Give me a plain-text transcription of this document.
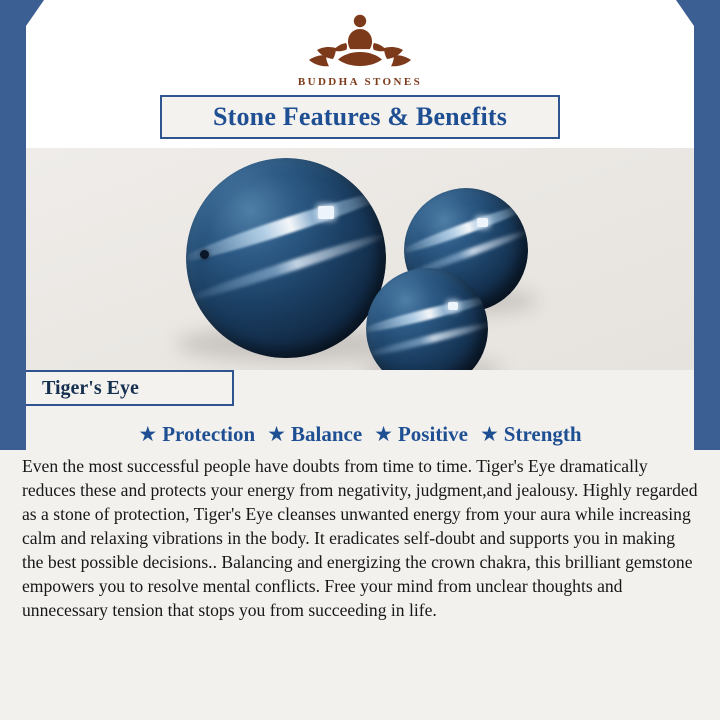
BUDDHA STONES
Stone Features & Benefits
Tiger's Eye
★ Protection ★ Balance ★ Positive ★ Strength

Even the most successful people have doubts from time to time. Tiger's Eye dramatically reduces these and protects your energy from negativity, judgment,and jealousy. Highly regarded as a stone of protection, Tiger's Eye cleanses unwanted energy from your aura while increasing calm and relaxing vibrations in the body. It eradicates self-doubt and supports you in making the best possible decisions.. Balancing and energizing the crown chakra, this brilliant gemstone empowers you to resolve mental conflicts. Free your mind from unclear thoughts and unnecessary tension that stops you from succeeding in life.
